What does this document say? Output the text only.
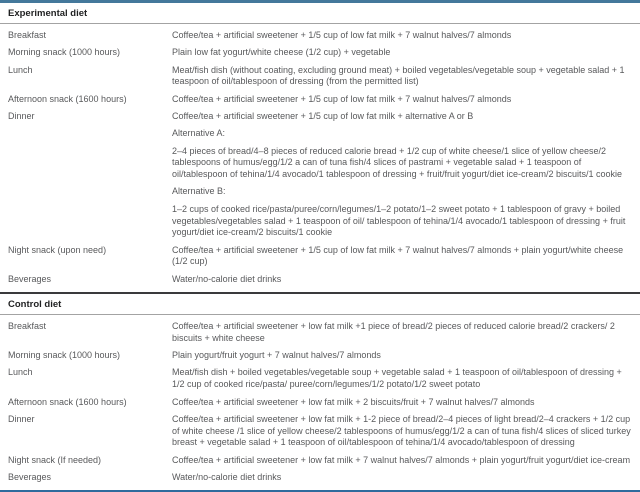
Experimental diet
Breakfast	Coffee/tea + artificial sweetener + 1/5 cup of low fat milk + 7 walnut halves/7 almonds
Morning snack (1000 hours)	Plain low fat yogurt/white cheese (1/2 cup) + vegetable
Lunch	Meat/fish dish (without coating, excluding ground meat) + boiled vegetables/vegetable soup + vegetable salad + 1 teaspoon of oil/tablespoon of dressing (from the permitted list)
Afternoon snack (1600 hours)	Coffee/tea + artificial sweetener + 1/5 cup of low fat milk + 7 walnut halves/7 almonds
Dinner	Coffee/tea + artificial sweetener + 1/5 cup of low fat milk + alternative A or B
Alternative A:
2–4 pieces of bread/4–8 pieces of reduced calorie bread + 1/2 cup of white cheese/1 slice of yellow cheese/2 tablespoons of humus/egg/1/2 a can of tuna fish/4 slices of pastrami + vegetable salad + 1 teaspoon of oil/tablespoon of tehina/1/4 avocado/1 tablespoon of dressing + fruit/fruit yogurt/diet ice-cream/2 biscuits/1 cookie
Alternative B:
1–2 cups of cooked rice/pasta/puree/corn/legumes/1–2 potato/1–2 sweet potato + 1 tablespoon of gravy + boiled vegetables/vegetables salad + 1 teaspoon of oil/ tablespoon of tehina/1/4 avocado/1 tablespoon of dressing + fruit yogurt/diet ice-cream/2 biscuits/1 cookie
Night snack (upon need)	Coffee/tea + artificial sweetener + 1/5 cup of low fat milk + 7 walnut halves/7 almonds + plain yogurt/white cheese (1/2 cup)
Beverages	Water/no-calorie diet drinks
Control diet
Breakfast	Coffee/tea + artificial sweetener + low fat milk +1 piece of bread/2 pieces of reduced calorie bread/2 crackers/ 2 biscuits + white cheese
Morning snack (1000 hours)	Plain yogurt/fruit yogurt + 7 walnut halves/7 almonds
Lunch	Meat/fish dish + boiled vegetables/vegetable soup + vegetable salad + 1 teaspoon of oil/tablespoon of dressing + 1/2 cup of cooked rice/pasta/ puree/corn/legumes/1/2 potato/1/2 sweet potato
Afternoon snack (1600 hours)	Coffee/tea + artificial sweetener + low fat milk + 2 biscuits/fruit + 7 walnut halves/7 almonds
Dinner	Coffee/tea + artificial sweetener + low fat milk + 1-2 piece of bread/2–4 pieces of light bread/2–4 crackers + 1/2 cup of white cheese /1 slice of yellow cheese/2 tablespoons of humus/egg/1/2 a can of tuna fish/4 slices of sliced turkey breast + vegetable salad + 1 teaspoon of oil/tablespoon of tehina/1/4 avocado/tablespoon of dressing
Night snack (If needed)	Coffee/tea + artificial sweetener + low fat milk + 7 walnut halves/7 almonds + plain yogurt/fruit yogurt/diet ice-cream
Beverages	Water/no-calorie diet drinks
